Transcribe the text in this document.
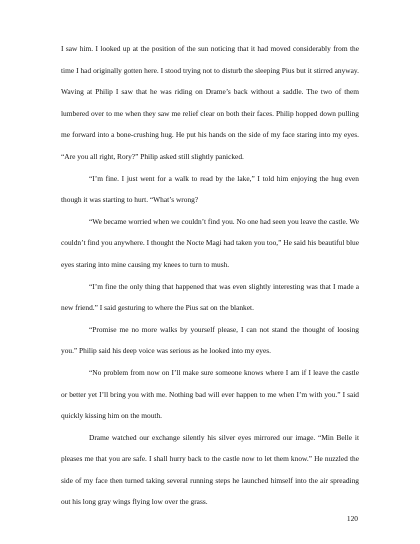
I saw him. I looked up at the position of the sun noticing that it had moved considerably from the time I had originally gotten here. I stood trying not to disturb the sleeping Pius but it stirred anyway. Waving at Philip I saw that he was riding on Drame’s back without a saddle. The two of them lumbered over to me when they saw me relief clear on both their faces. Philip hopped down pulling me forward into a bone-crushing hug. He put his hands on the side of my face staring into my eyes. “Are you all right, Rory?” Philip asked still slightly panicked.

“I’m fine. I just went for a walk to read by the lake,” I told him enjoying the hug even though it was starting to hurt. “What’s wrong?

“We became worried when we couldn’t find you. No one had seen you leave the castle. We couldn’t find you anywhere. I thought the Nocte Magi had taken you too,” He said his beautiful blue eyes staring into mine causing my knees to turn to mush.

“I’m fine the only thing that happened that was even slightly interesting was that I made a new friend.” I said gesturing to where the Pius sat on the blanket.

“Promise me no more walks by yourself please, I can not stand the thought of loosing you.” Philip said his deep voice was serious as he looked into my eyes.

“No problem from now on I’ll make sure someone knows where I am if I leave the castle or better yet I’ll bring you with me. Nothing bad will ever happen to me when I’m with you.” I said quickly kissing him on the mouth.

Drame watched our exchange silently his silver eyes mirrored our image. “Min Belle it pleases me that you are safe. I shall hurry back to the castle now to let them know.” He nuzzled the side of my face then turned taking several running steps he launched himself into the air spreading out his long gray wings flying low over the grass.

120
